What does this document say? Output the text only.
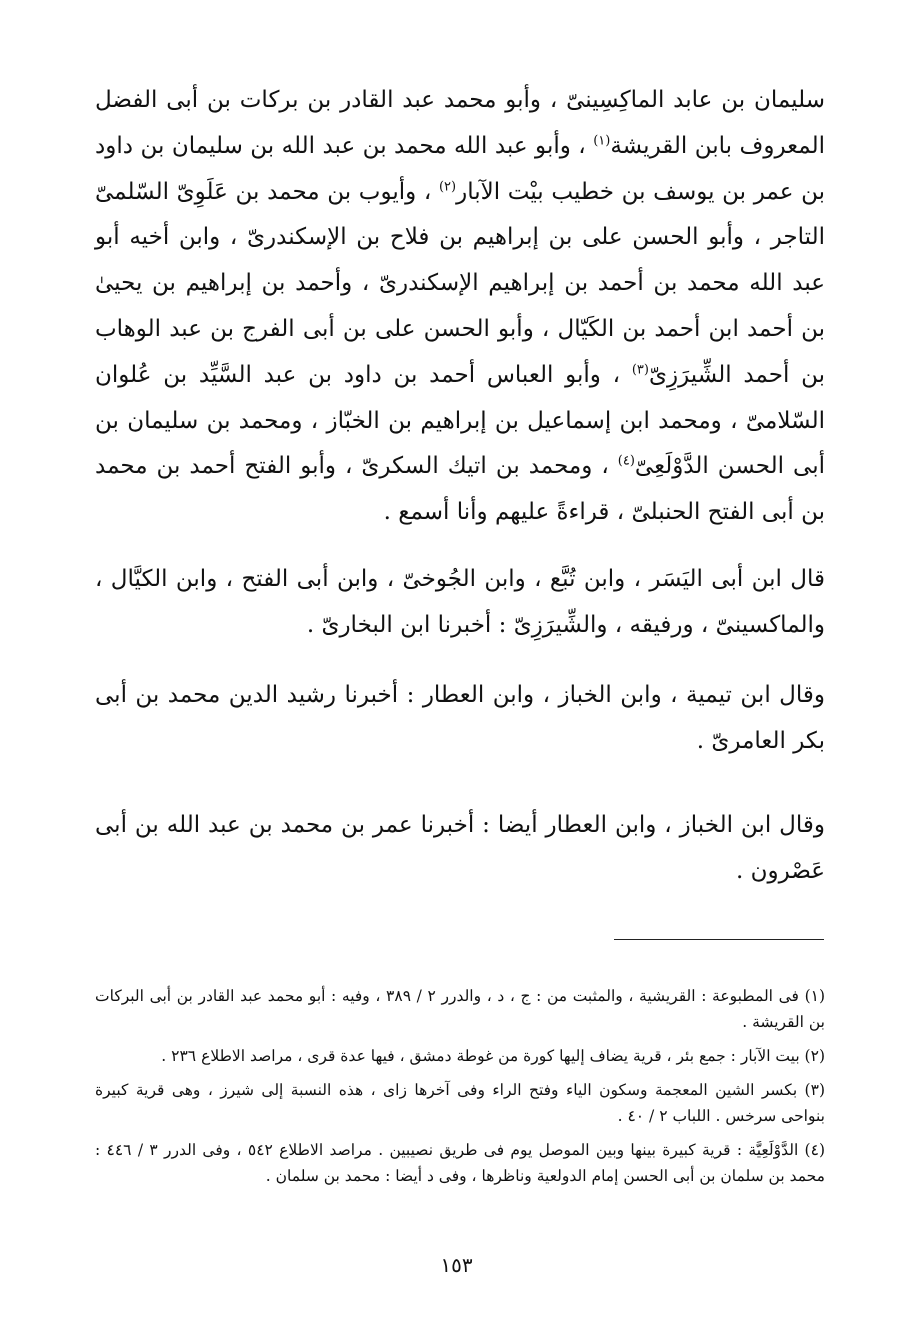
سليمان بن عابد الماكِسِينىّ ، وأبو محمد عبد القادر بن بركات بن أبى الفضل المعروف بابن القريشة$^{(١)}$ ، وأبو عبد الله محمد بن عبد الله بن سليمان بن داود بن عمر بن يوسف بن خطيب بيْت الآبار$^{(٢)}$ ، وأيوب بن محمد بن عَلَوِىّ السّلمىّ التاجر ، وأبو الحسن على بن إبراهيم بن فلاح بن الإسكندرىّ ، وابن أخيه أبو عبد الله محمد بن أحمد بن إبراهيم الإسكندرىّ ، وأحمد بن إبراهيم بن يحيىٰ بن أحمد ابن أحمد بن الكَيّال ، وأبو الحسن على بن أبى الفرج بن عبد الوهاب بن أحمد الشِّيرَزِىّ$^{(٣)}$ ، وأبو العباس أحمد بن داود بن عبد السَّيِّد بن عُلوان السّلامىّ ، ومحمد ابن إسماعيل بن إبراهيم بن الخبّاز ، ومحمد بن سليمان بن أبى الحسن الدَّوْلَعِىّ$^{(٤)}$ ، ومحمد بن اتيك السكرىّ ، وأبو الفتح أحمد بن محمد بن أبى الفتح الحنبلىّ ، قراءةً عليهم وأنا أسمع .

قال ابن أبى اليَسَر ، وابن تُبَّع ، وابن الجُوخىّ ، وابن أبى الفتح ، وابن الكيَّال ، والماكسينىّ ، ورفيقه ، والشِّيرَزِىّ : أخبرنا ابن البخارىّ .

وقال ابن تيمية ، وابن الخباز ، وابن العطار : أخبرنا رشيد الدين محمد بن أبى بكر العامرىّ .

وقال ابن الخباز ، وابن العطار أيضا : أخبرنا عمر بن محمد بن عبد الله بن أبى عَصْرون .

(١) فى المطبوعة : القريشية ، والمثبت من : ج ، د ، والدرر ٢ / ٣٨٩ ، وفيه : أبو محمد عبد القادر بن أبى البركات بن القريشة .

(٢) بيت الآبار : جمع بئر ، قرية يضاف إليها كورة من غوطة دمشق ، فيها عدة قرى ، مراصد الاطلاع ٢٣٦ .

(٣) بكسر الشين المعجمة وسكون الياء وفتح الراء وفى آخرها زاى ، هذه النسبة إلى شيرز ، وهى قرية كبيرة بنواحى سرخس . اللباب ٢ / ٤٠ .

(٤) الدَّوْلَعِيَّة : قرية كبيرة بينها وبين الموصل يوم فى طريق نصيبين . مراصد الاطلاع ٥٤٢ ، وفى الدرر ٣ / ٤٤٦ : محمد بن سلمان بن أبى الحسن إمام الدولعية وناظرها ، وفى د أيضا : محمد بن سلمان .

١٥٣
